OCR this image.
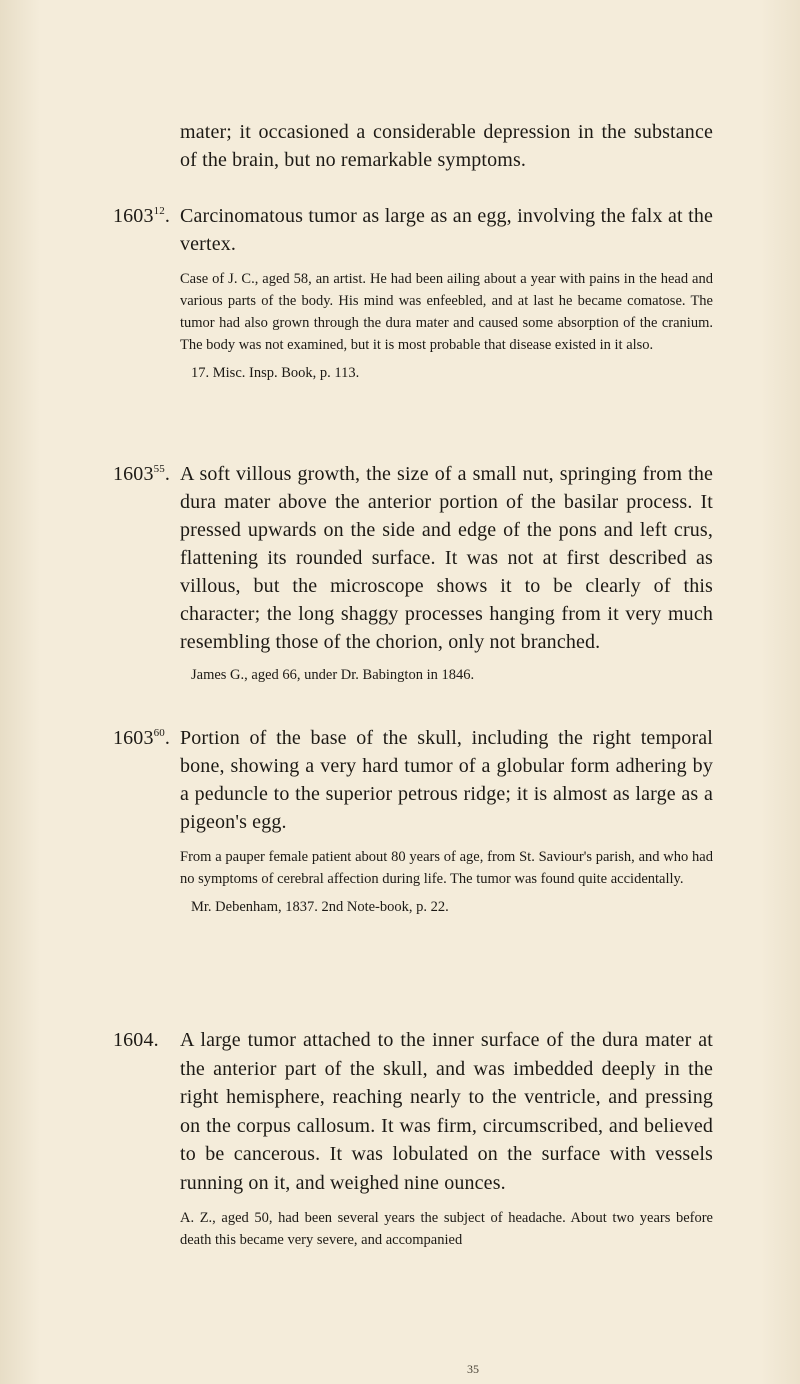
mater; it occasioned a considerable depression in the substance of the brain, but no remarkable symptoms.
1603$^{12}$. Carcinomatous tumor as large as an egg, involving the falx at the vertex.
Case of J. C., aged 58, an artist. He had been ailing about a year with pains in the head and various parts of the body. His mind was enfeebled, and at last he became comatose. The tumor had also grown through the dura mater and caused some absorption of the cranium. The body was not examined, but it is most probable that disease existed in it also.
17. Misc. Insp. Book, p. 113.
1603$^{55}$. A soft villous growth, the size of a small nut, springing from the dura mater above the anterior portion of the basilar process. It pressed upwards on the side and edge of the pons and left crus, flattening its rounded surface. It was not at first described as villous, but the microscope shows it to be clearly of this character; the long shaggy processes hanging from it very much resembling those of the chorion, only not branched.
James G., aged 66, under Dr. Babington in 1846.
1603$^{60}$. Portion of the base of the skull, including the right temporal bone, showing a very hard tumor of a globular form adhering by a peduncle to the superior petrous ridge; it is almost as large as a pigeon's egg.
From a pauper female patient about 80 years of age, from St. Saviour's parish, and who had no symptoms of cerebral affection during life. The tumor was found quite accidentally.
Mr. Debenham, 1837. 2nd Note-book, p. 22.
1604. A large tumor attached to the inner surface of the dura mater at the anterior part of the skull, and was imbedded deeply in the right hemisphere, reaching nearly to the ventricle, and pressing on the corpus callosum. It was firm, circumscribed, and believed to be cancerous. It was lobulated on the surface with vessels running on it, and weighed nine ounces.
A. Z., aged 50, had been several years the subject of headache. About two years before death this became very severe, and accompanied
35
